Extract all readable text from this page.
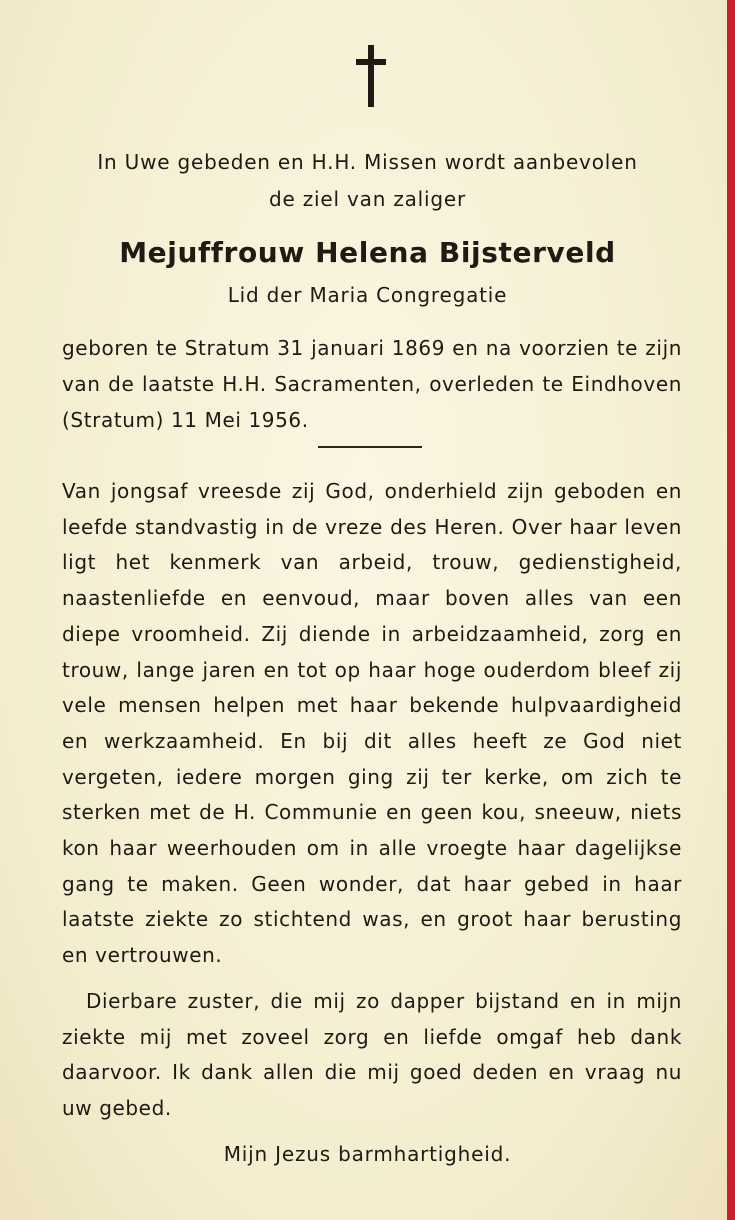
In Uwe gebeden en H.H. Missen wordt aanbevolen
de ziel van zaliger
Mejuffrouw Helena Bijsterveld
Lid der Maria Congregatie
geboren te Stratum 31 januari 1869 en na voorzien te zijn van de laatste H.H. Sacramenten, overleden te Eindhoven (Stratum) 11 Mei 1956.
Van jongsaf vreesde zij God, onderhield zijn geboden en leefde standvastig in de vreze des Heren. Over haar leven ligt het kenmerk van arbeid, trouw, gedienstigheid, naastenliefde en eenvoud, maar boven alles van een diepe vroomheid. Zij diende in arbeidzaamheid, zorg en trouw, lange jaren en tot op haar hoge ouderdom bleef zij vele mensen helpen met haar bekende hulpvaardigheid en werkzaamheid. En bij dit alles heeft ze God niet vergeten, iedere morgen ging zij ter kerke, om zich te sterken met de H. Communie en geen kou, sneeuw, niets kon haar weerhouden om in alle vroegte haar dagelijkse gang te maken. Geen wonder, dat haar gebed in haar laatste ziekte zo stichtend was, en groot haar berusting en vertrouwen.
Dierbare zuster, die mij zo dapper bijstand en in mijn ziekte mij met zoveel zorg en liefde omgaf heb dank daarvoor. Ik dank allen die mij goed deden en vraag nu uw gebed.
Mijn Jezus barmhartigheid.
